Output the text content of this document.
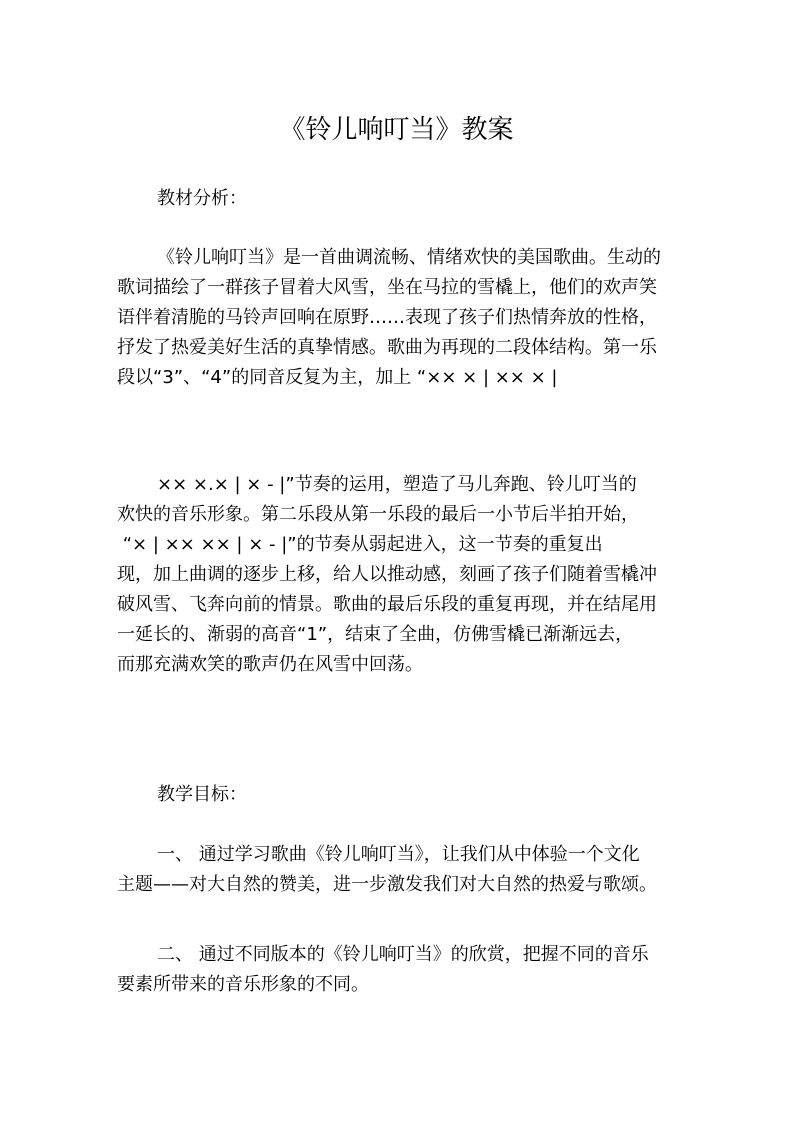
《铃儿响叮当》教案
教材分析：
《铃儿响叮当》是一首曲调流畅、情绪欢快的美国歌曲。生动的
歌词描绘了一群孩子冒着大风雪，坐在马拉的雪橇上，他们的欢声笑
语伴着清脆的马铃声回响在原野……表现了孩子们热情奔放的性格，
抒发了热爱美好生活的真挚情感。歌曲为再现的二段体结构。第一乐
段以“3”、“4”的同音反复为主，加上 “×× × | ×× × |
×× ×.× | × - |”节奏的运用，塑造了马儿奔跑、铃儿叮当的
欢快的音乐形象。第二乐段从第一乐段的最后一小节后半拍开始，
“× | ×× ×× | × - |”的节奏从弱起进入，这一节奏的重复出
现，加上曲调的逐步上移，给人以推动感，刻画了孩子们随着雪橇冲
破风雪、飞奔向前的情景。歌曲的最后乐段的重复再现，并在结尾用
一延长的、渐弱的高音“1”，结束了全曲，仿佛雪橇已渐渐远去，
而那充满欢笑的歌声仍在风雪中回荡。
教学目标：
一、 通过学习歌曲《铃儿响叮当》，让我们从中体验一个文化
主题——对大自然的赞美，进一步激发我们对大自然的热爱与歌颂。
二、 通过不同版本的《铃儿响叮当》的欣赏，把握不同的音乐
要素所带来的音乐形象的不同。
